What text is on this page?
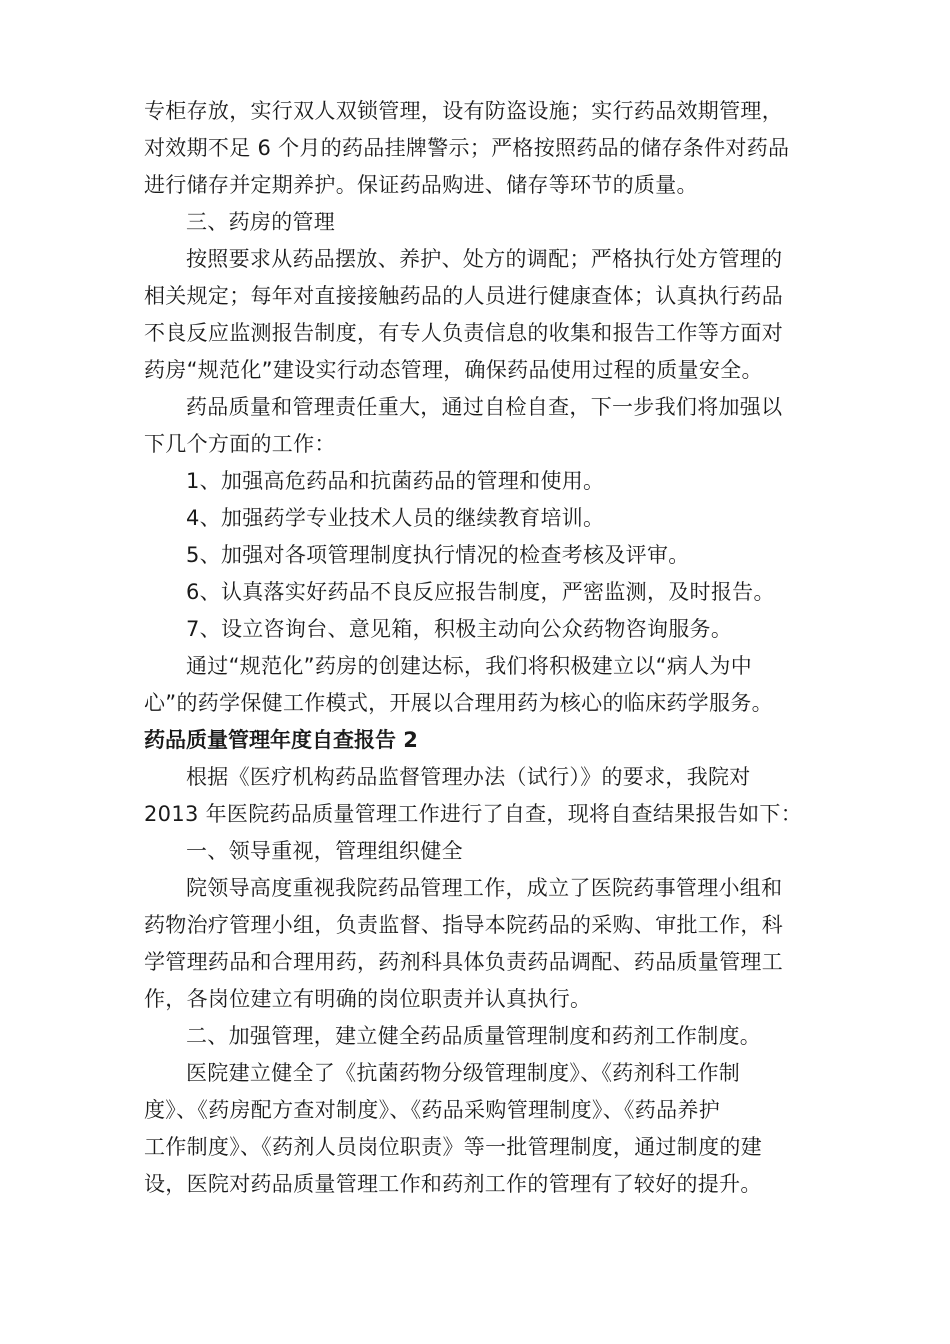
专柜存放，实行双人双锁管理，设有防盗设施；实行药品效期管理，
对效期不足 6 个月的药品挂牌警示；严格按照药品的储存条件对药品
进行储存并定期养护。保证药品购进、储存等环节的质量。
三、药房的管理
按照要求从药品摆放、养护、处方的调配；严格执行处方管理的
相关规定；每年对直接接触药品的人员进行健康查体；认真执行药品
不良反应监测报告制度，有专人负责信息的收集和报告工作等方面对
药房“规范化”建设实行动态管理，确保药品使用过程的质量安全。
药品质量和管理责任重大，通过自检自查，下一步我们将加强以
下几个方面的工作：
1、加强高危药品和抗菌药品的管理和使用。
4、加强药学专业技术人员的继续教育培训。
5、加强对各项管理制度执行情况的检查考核及评审。
6、认真落实好药品不良反应报告制度，严密监测，及时报告。
7、设立咨询台、意见箱，积极主动向公众药物咨询服务。
通过“规范化”药房的创建达标，我们将积极建立以“病人为中
心”的药学保健工作模式，开展以合理用药为核心的临床药学服务。
药品质量管理年度自查报告 2
根据《医疗机构药品监督管理办法（试行）》的要求，我院对
2013 年医院药品质量管理工作进行了自查，现将自查结果报告如下：
一、领导重视，管理组织健全
院领导高度重视我院药品管理工作，成立了医院药事管理小组和
药物治疗管理小组，负责监督、指导本院药品的采购、审批工作，科
学管理药品和合理用药，药剂科具体负责药品调配、药品质量管理工
作，各岗位建立有明确的岗位职责并认真执行。
二、加强管理，建立健全药品质量管理制度和药剂工作制度。
医院建立健全了《抗菌药物分级管理制度》、《药剂科工作制
度》、《药房配方查对制度》、《药品采购管理制度》、《药品养护
工作制度》、《药剂人员岗位职责》等一批管理制度，通过制度的建
设，医院对药品质量管理工作和药剂工作的管理有了较好的提升。
